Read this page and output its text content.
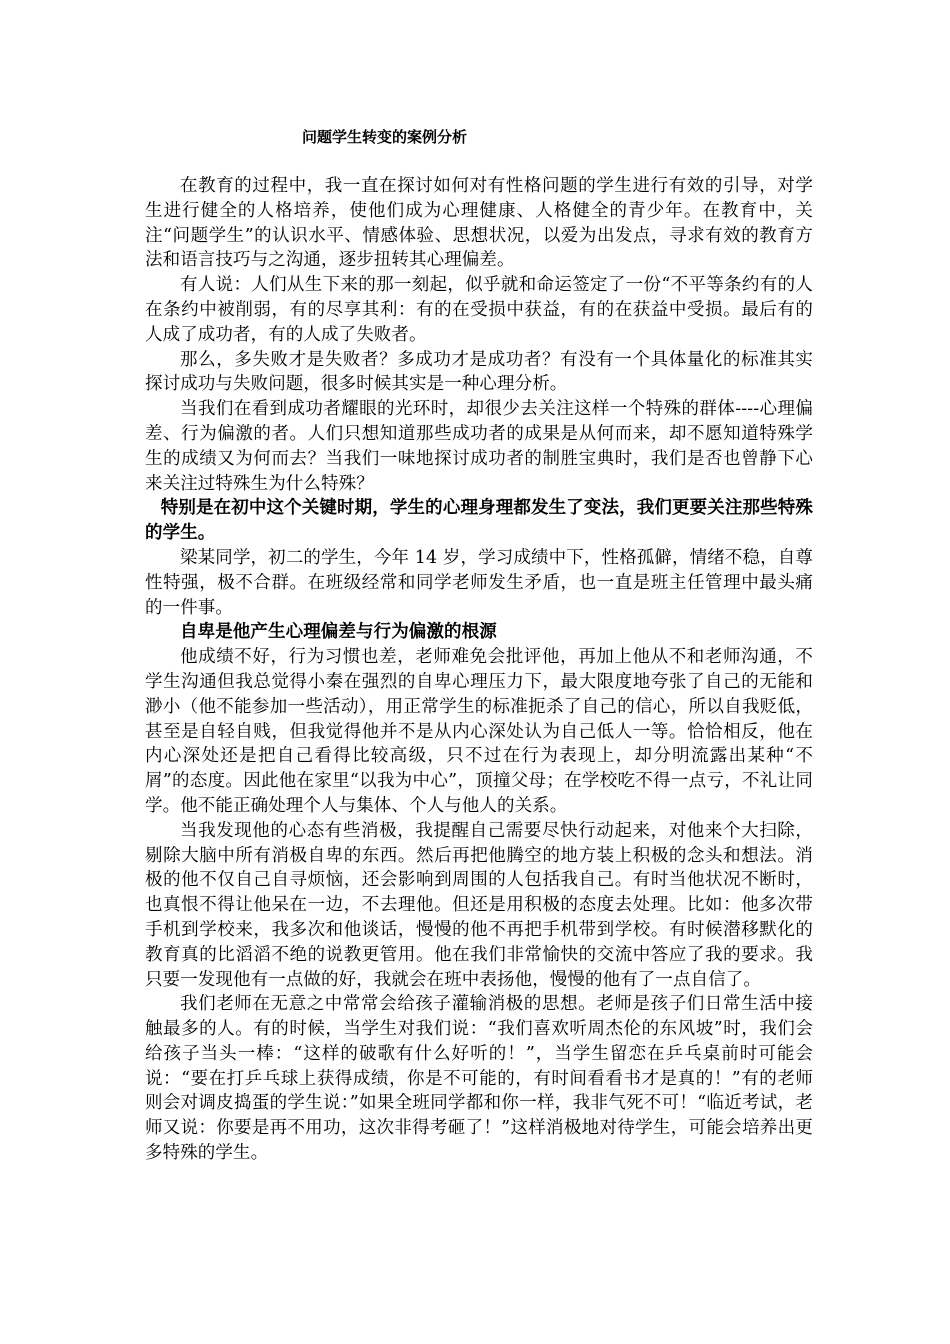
问题学生转变的案例分析

在教育的过程中，我一直在探讨如何对有性格问题的学生进行有效的引导，对学生进行健全的人格培养，使他们成为心理健康、人格健全的青少年。在教育中，关注“问题学生”的认识水平、情感体验、思想状况，以爱为出发点，寻求有效的教育方法和语言技巧与之沟通，逐步扭转其心理偏差。

有人说：人们从生下来的那一刻起，似乎就和命运签定了一份“不平等条约有的人在条约中被削弱，有的尽享其利：有的在受损中获益，有的在获益中受损。最后有的人成了成功者，有的人成了失败者。

那么，多失败才是失败者？多成功才是成功者？有没有一个具体量化的标准其实探讨成功与失败问题，很多时候其实是一种心理分析。

当我们在看到成功者耀眼的光环时，却很少去关注这样一个特殊的群体----心理偏差、行为偏激的者。人们只想知道那些成功者的成果是从何而来，却不愿知道特殊学生的成绩又为何而去？当我们一味地探讨成功者的制胜宝典时，我们是否也曾静下心来关注过特殊生为什么特殊？

特别是在初中这个关键时期，学生的心理身理都发生了变法，我们更要关注那些特殊的学生。

梁某同学，初二的学生，今年 14 岁，学习成绩中下，性格孤僻，情绪不稳，自尊性特强，极不合群。在班级经常和同学老师发生矛盾，也一直是班主任管理中最头痛的一件事。

自卑是他产生心理偏差与行为偏激的根源

他成绩不好，行为习惯也差，老师难免会批评他，再加上他从不和老师沟通，不学生沟通但我总觉得小秦在强烈的自卑心理压力下，最大限度地夸张了自己的无能和渺小（他不能参加一些活动），用正常学生的标准扼杀了自己的信心，所以自我贬低，甚至是自轻自贱，但我觉得他并不是从内心深处认为自己低人一等。恰恰相反，他在内心深处还是把自己看得比较高级，只不过在行为表现上，却分明流露出某种“不屑”的态度。因此他在家里“以我为中心”，顶撞父母；在学校吃不得一点亏，不礼让同学。他不能正确处理个人与集体、个人与他人的关系。

当我发现他的心态有些消极，我提醒自己需要尽快行动起来，对他来个大扫除，剔除大脑中所有消极自卑的东西。然后再把他腾空的地方装上积极的念头和想法。消极的他不仅自己自寻烦恼，还会影响到周围的人包括我自己。有时当他状况不断时，也真恨不得让他呆在一边，不去理他。但还是用积极的态度去处理。比如：他多次带手机到学校来，我多次和他谈话，慢慢的他不再把手机带到学校。有时候潜移默化的教育真的比滔滔不绝的说教更管用。他在我们非常愉快的交流中答应了我的要求。我只要一发现他有一点做的好，我就会在班中表扬他，慢慢的他有了一点自信了。

我们老师在无意之中常常会给孩子灌输消极的思想。老师是孩子们日常生活中接触最多的人。有的时候，当学生对我们说：“我们喜欢听周杰伦的东风坡”时，我们会给孩子当头一棒：“这样的破歌有什么好听的！”，当学生留恋在乒乓桌前时可能会说：“要在打乒乓球上获得成绩，你是不可能的，有时间看看书才是真的！”有的老师则会对调皮捣蛋的学生说：”如果全班同学都和你一样，我非气死不可！“临近考试，老师又说：你要是再不用功，这次非得考砸了！”这样消极地对待学生，可能会培养出更多特殊的学生。
